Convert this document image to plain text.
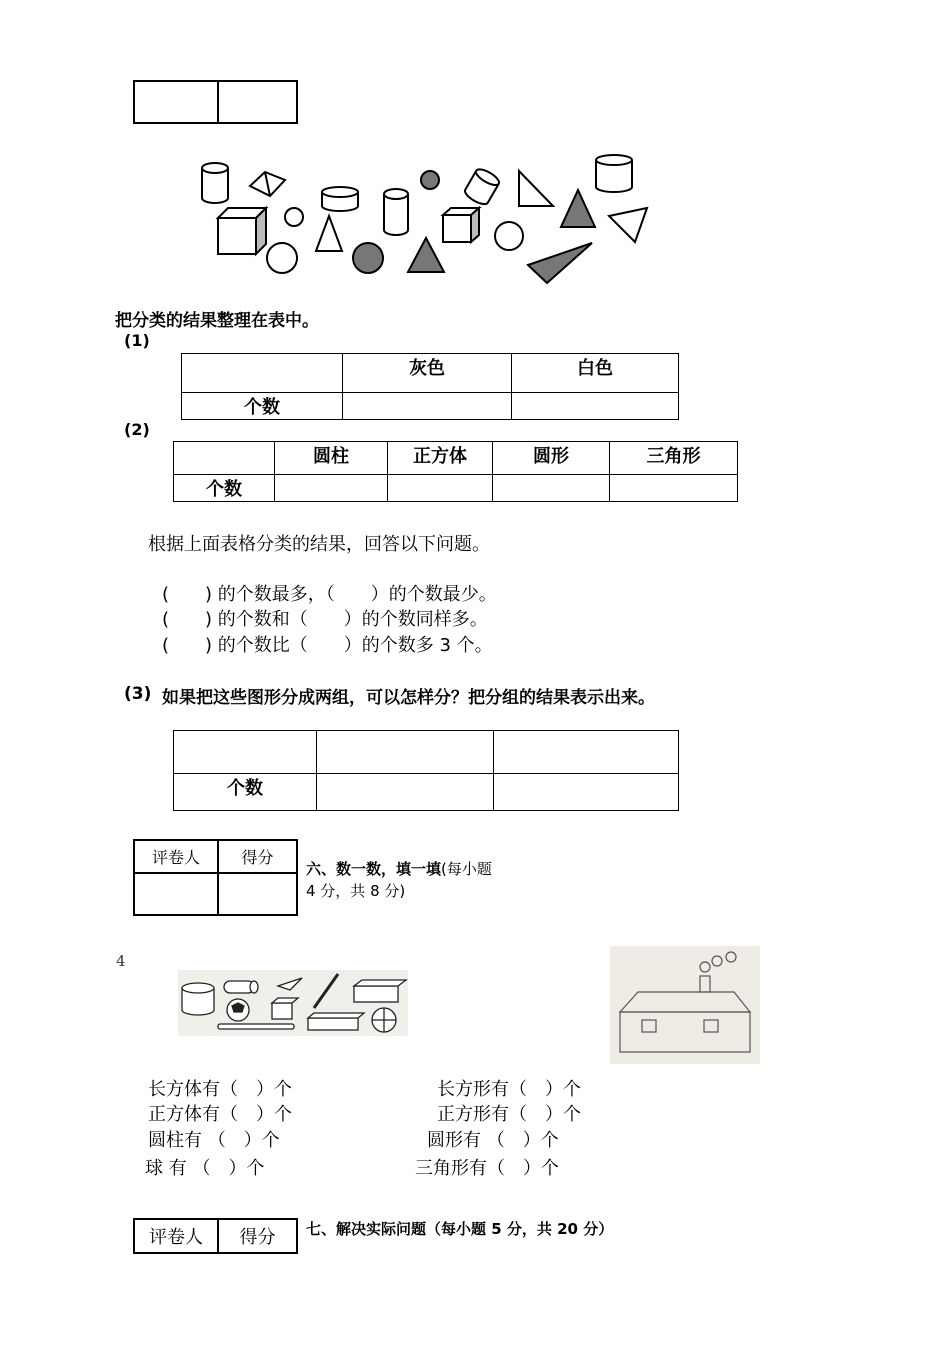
把分类的结果整理在表中。
(1)
	灰色	白色
个数		
(2)
	圆柱	正方体	圆形	三角形
个数				
根据上面表格分类的结果，回答以下问题。
(　　) 的个数最多，（　　）的个数最少。
(　　) 的个数和（　　）的个数同样多。
(　　) 的个数比（　　）的个数多 3 个。
(3) 如果把这些图形分成两组，可以怎样分？把分组的结果表示出来。

个数		
评卷人	得分

六、数一数，填一填(每小题
4 分，共 8 分)
4
长方体有（　）个
正方体有（　）个
圆柱有 （　）个
球 有 （　）个
长方形有（　）个
正方形有（　）个
圆形有 （　）个
三角形有（　）个
评卷人	得分 七、解决实际问题（每小题 5 分，共 20 分）
